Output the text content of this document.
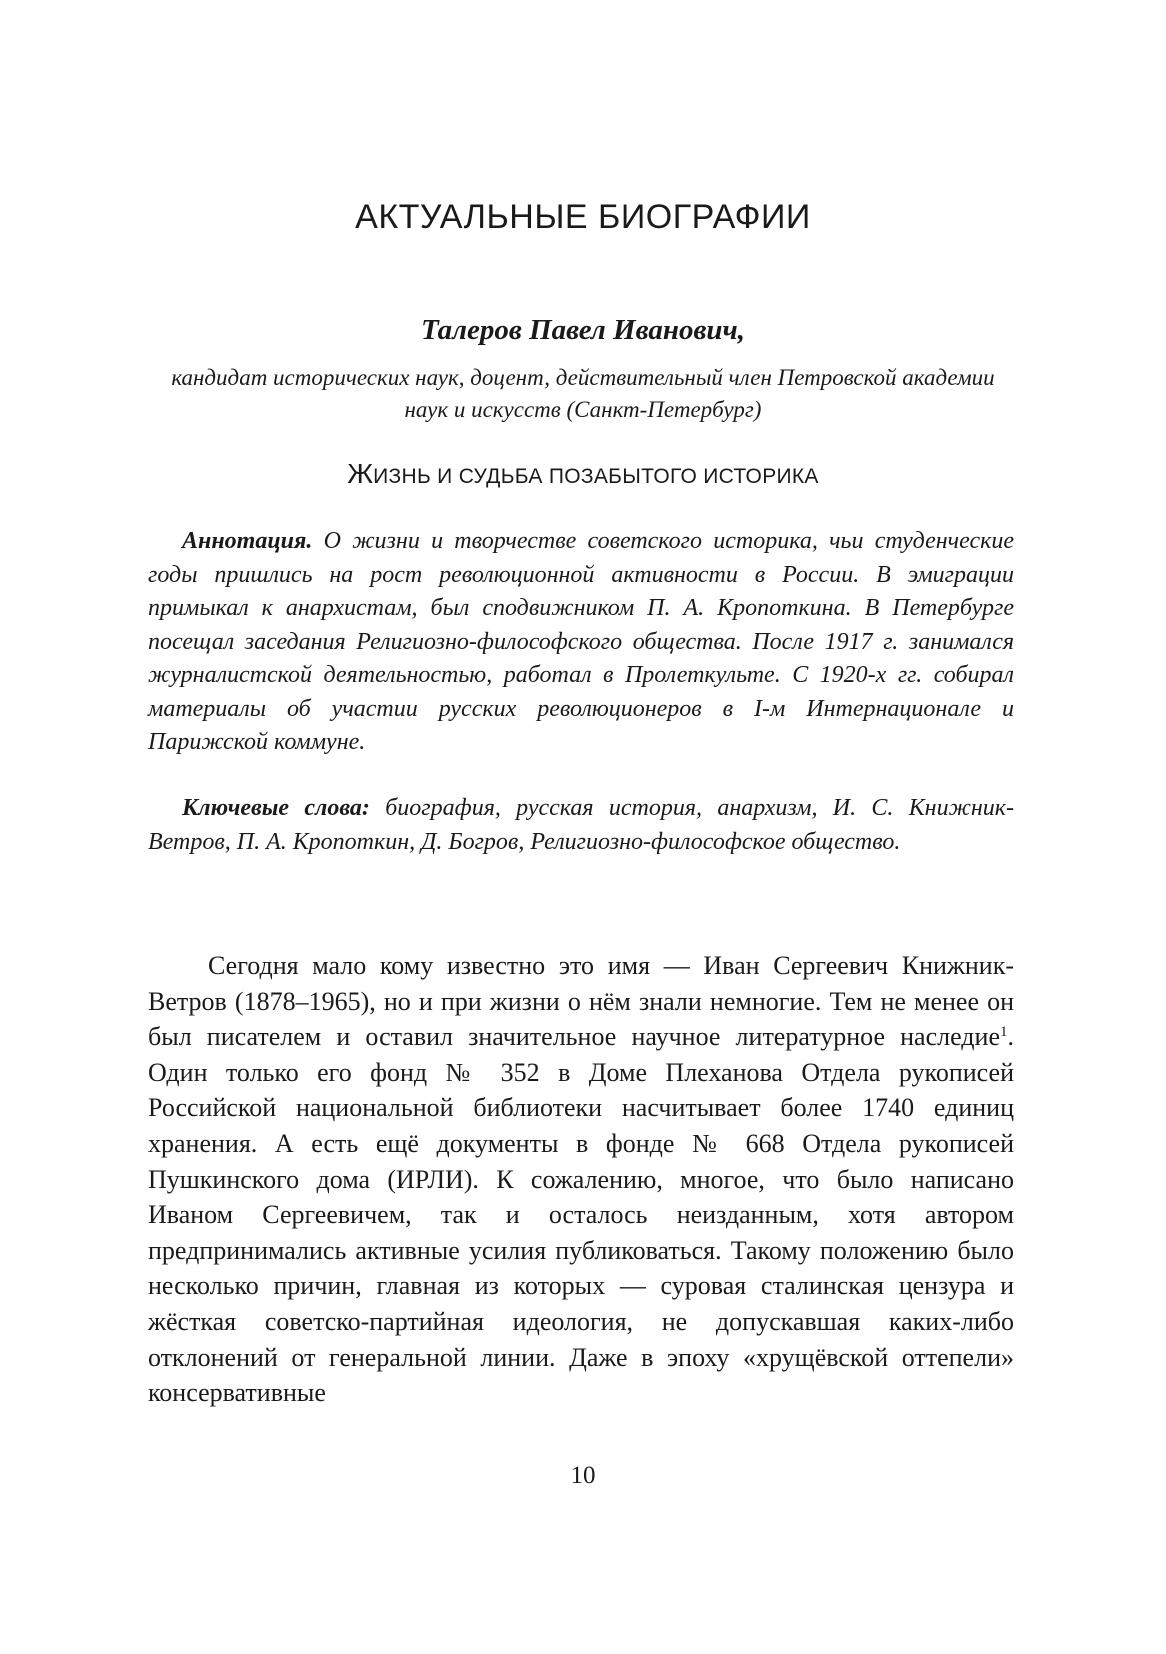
АКТУАЛЬНЫЕ БИОГРАФИИ
Талеров Павел Иванович,
кандидат исторических наук, доцент, действительный член Петровской академии наук и искусств (Санкт-Петербург)
ЖИЗНЬ И СУДЬБА ПОЗАБЫТОГО ИСТОРИКА

Аннотация. О жизни и творчестве советского историка, чьи студенческие годы пришлись на рост революционной активности в России. В эмиграции примыкал к анархистам, был сподвижником П. А. Кропоткина. В Петербурге посещал заседания Религиозно-философского общества. После 1917 г. занимался журналистской деятельностью, работал в Пролеткульте. С 1920-х гг. собирал материалы об участии русских революционеров в I-м Интернационале и Парижской коммуне.

Ключевые слова: биография, русская история, анархизм, И. С. Книжник-Ветров, П. А. Кропоткин, Д. Богров, Религиозно-философское общество.

Сегодня мало кому известно это имя — Иван Сергеевич Книжник-Ветров (1878–1965), но и при жизни о нём знали немногие. Тем не менее он был писателем и оставил значительное научное литературное наследие$^1$. Один только его фонд № 352 в Доме Плеханова Отдела рукописей Российской национальной библиотеки насчитывает более 1740 единиц хранения. А есть ещё документы в фонде № 668 Отдела рукописей Пушкинского дома (ИРЛИ). К сожалению, многое, что было написано Иваном Сергеевичем, так и осталось неизданным, хотя автором предпринимались активные усилия публиковаться. Такому положению было несколько причин, главная из которых — суровая сталинская цензура и жёсткая советско-партийная идеология, не допускавшая каких-либо отклонений от генеральной линии. Даже в эпоху «хрущёвской оттепели» консервативные

10
